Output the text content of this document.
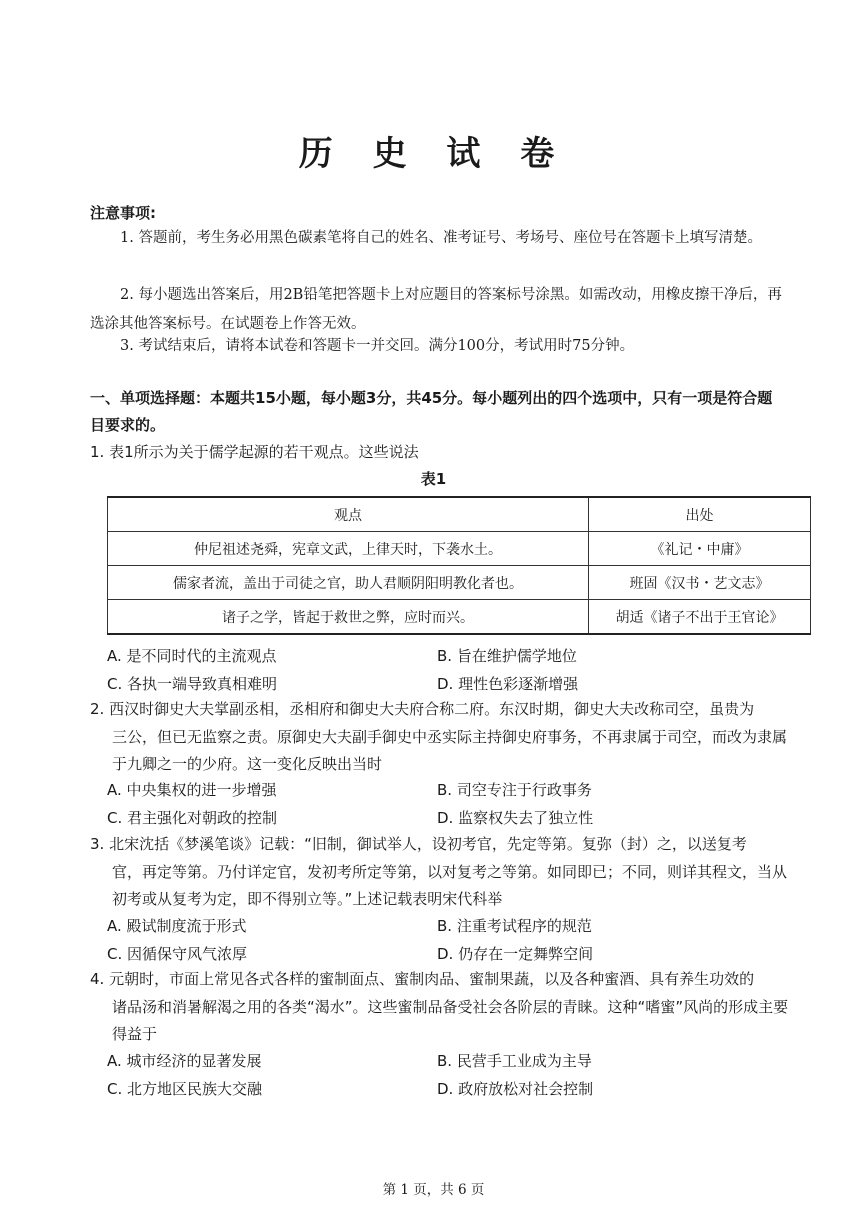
历 史 试 卷
注意事项:

1. 答题前，考生务必用黑色碳素笔将自己的姓名、准考证号、考场号、座位号在答题卡上填写清楚。

2. 每小题选出答案后，用2B铅笔把答题卡上对应题目的答案标号涂黑。如需改动，用橡皮擦干净后，再选涂其他答案标号。在试题卷上作答无效。

3. 考试结束后，请将本试卷和答题卡一并交回。满分100分，考试用时75分钟。

一、单项选择题：本题共15小题，每小题3分，共45分。每小题列出的四个选项中，只有一项是符合题目要求的。

1. 表1所示为关于儒学起源的若干观点。这些说法

表1
观点	出处
仲尼祖述尧舜，宪章文武，上律天时，下袭水土。	《礼记・中庸》
儒家者流，盖出于司徒之官，助人君顺阴阳明教化者也。	班固《汉书・艺文志》
诸子之学，皆起于救世之弊，应时而兴。	胡适《诸子不出于王官论》
A. 是不同时代的主流观点	B. 旨在维护儒学地位
C. 各执一端导致真相难明	D. 理性色彩逐渐增强

2. 西汉时御史大夫掌副丞相，丞相府和御史大夫府合称二府。东汉时期，御史大夫改称司空，虽贵为
三公，但已无监察之责。原御史大夫副手御史中丞实际主持御史府事务，不再隶属于司空，而改为隶属于九卿之一的少府。这一变化反映出当时

A. 中央集权的进一步增强	B. 司空专注于行政事务
C. 君主强化对朝政的控制	D. 监察权失去了独立性

3. 北宋沈括《梦溪笔谈》记载：“旧制，御试举人，设初考官，先定等第。复弥（封）之，以送复考
官，再定等第。乃付详定官，发初考所定等第，以对复考之等第。如同即已；不同，则详其程文，当从初考或从复考为定，即不得别立等。”上述记载表明宋代科举

A. 殿试制度流于形式	B. 注重考试程序的规范
C. 因循保守风气浓厚	D. 仍存在一定舞弊空间

4. 元朝时，市面上常见各式各样的蜜制面点、蜜制肉品、蜜制果蔬，以及各种蜜酒、具有养生功效的
诸品汤和消暑解渴之用的各类“渴水”。这些蜜制品备受社会各阶层的青睐。这种“嗜蜜”风尚的形成主要得益于

A. 城市经济的显著发展	B. 民营手工业成为主导
C. 北方地区民族大交融	D. 政府放松对社会控制
第 1 页，共 6 页
